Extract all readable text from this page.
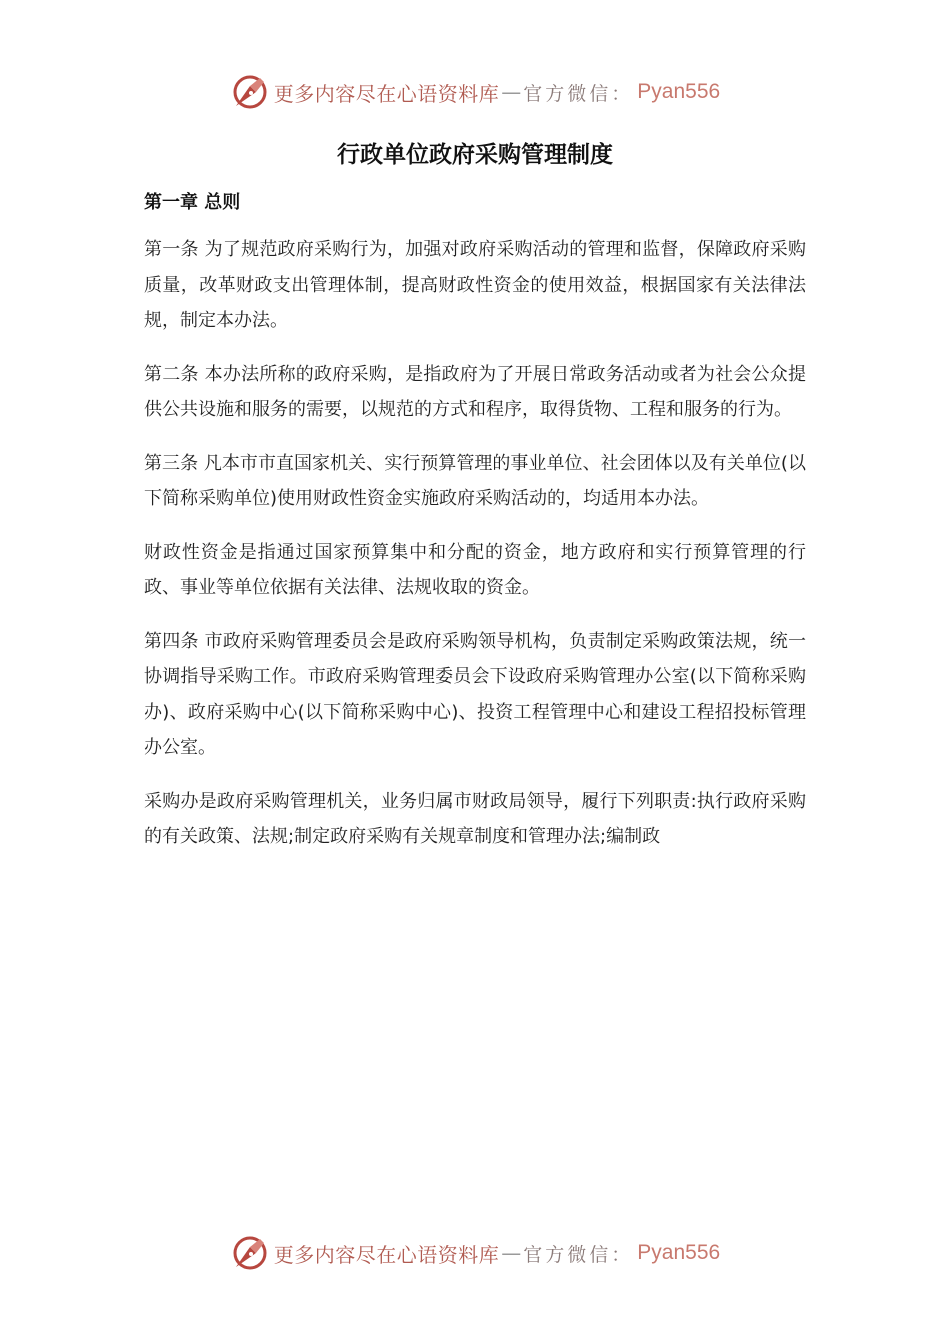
更多内容尽在心语资料库 — 官方微信： Pyan556
行政单位政府采购管理制度
第一章 总则

第一条 为了规范政府采购行为，加强对政府采购活动的管理和监督，保障政府采购质量，改革财政支出管理体制，提高财政性资金的使用效益，根据国家有关法律法规，制定本办法。

第二条 本办法所称的政府采购，是指政府为了开展日常政务活动或者为社会公众提供公共设施和服务的需要，以规范的方式和程序，取得货物、工程和服务的行为。

第三条 凡本市市直国家机关、实行预算管理的事业单位、社会团体以及有关单位(以下简称采购单位)使用财政性资金实施政府采购活动的，均适用本办法。

财政性资金是指通过国家预算集中和分配的资金，地方政府和实行预算管理的行政、事业等单位依据有关法律、法规收取的资金。

第四条 市政府采购管理委员会是政府采购领导机构，负责制定采购政策法规，统一协调指导采购工作。市政府采购管理委员会下设政府采购管理办公室(以下简称采购办)、政府采购中心(以下简称采购中心)、投资工程管理中心和建设工程招投标管理办公室。

采购办是政府采购管理机关，业务归属市财政局领导，履行下列职责:执行政府采购的有关政策、法规;制定政府采购有关规章制度和管理办法;编制政

更多内容尽在心语资料库 — 官方微信： Pyan556
